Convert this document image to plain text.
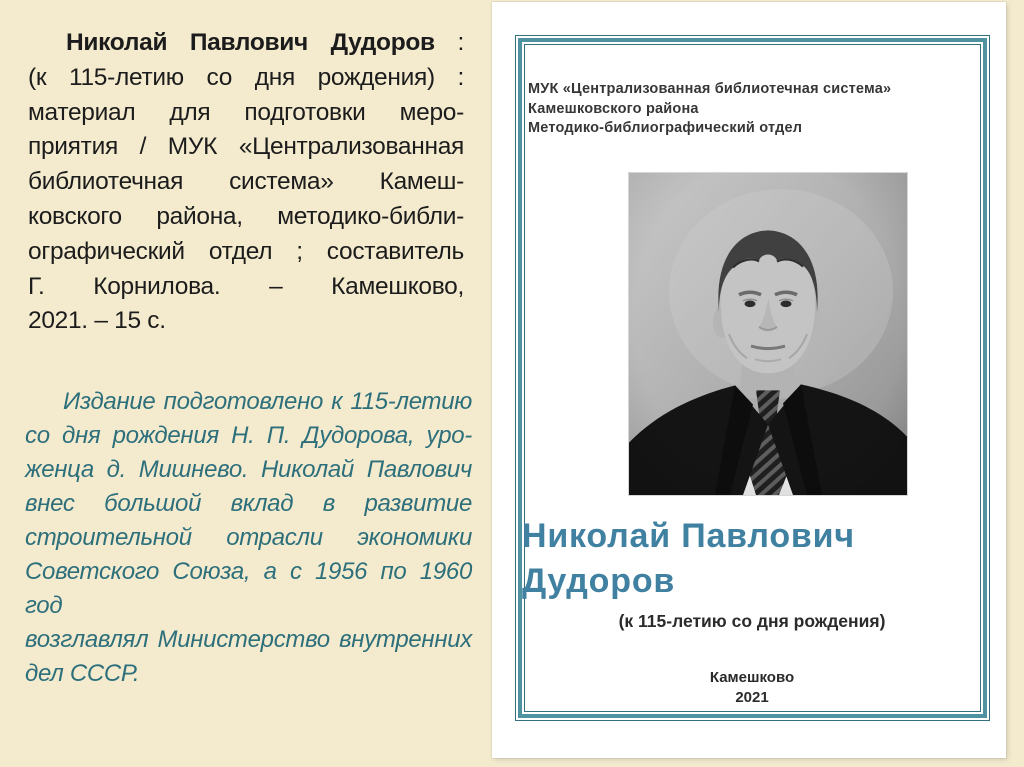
Николай Павлович Дудоров :
(к 115-летию со дня рождения) :
материал для подготовки меро-
приятия / МУК «Централизованная
библиотечная система» Камеш-
ковского района, методико-библи-
ографический отдел ; составитель
Г. Корнилова. – Камешково,
2021. – 15 с.
Издание подготовлено к 115-летию
со дня рождения Н. П. Дудорова, уро-
женца д. Мишнево. Николай Павлович
внес большой вклад в развитие
строительной отрасли экономики
Советского Союза, а с 1956 по 1960 год
возглавлял Министерство внутренних
дел СССР.
МУК «Централизованная библиотечная система»
Камешковского района
Методико-библиографический отдел
Николай Павлович
Дудоров
(к 115-летию со дня рождения)
Камешково
2021
